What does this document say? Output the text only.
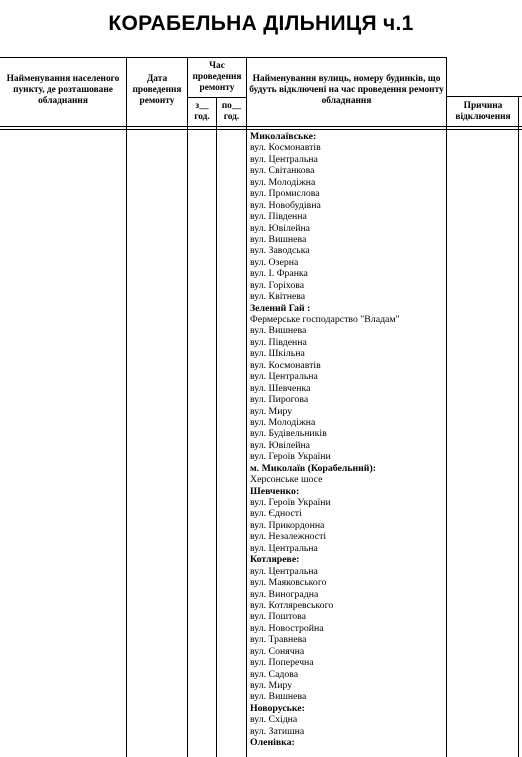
КОРАБЕЛЬНА ДІЛЬНИЦЯ ч.1
Найменування населеного пункту, де розташоване обладнання
Дата проведення ремонту
Час проведення ремонту
з__ год.
по__ год.
Найменування вулиць, номеру будинків, що будуть відключені на час проведення ремонту обладнання	Причина відключення
Миколаївське:
вул. Космонавтів
вул. Центральна
вул. Світанкова
вул. Молодіжна
вул. Промислова
вул. Новобудівна
вул. Південна
вул. Ювілейна
вул. Вишнева
вул. Заводська
вул. Озерна
вул. І. Франка
вул. Горіхова
вул. Квітнева
Зелений Гай :
Фермерське господарство "Владам"
вул. Вишнева
вул. Південна
вул. Шкільна
вул. Космонавтів
вул. Центральна
вул. Шевченка
вул. Пирогова
вул. Миру
вул. Молодіжна
вул. Будівельників
вул. Ювілейна
вул. Героїв України
м. Миколаїв (Корабельний):
Херсонське шосе
Шевченко:
вул. Героїв України
вул. Єдності
вул. Прикордонна
вул. Незалежності
вул. Центральна
Котляреве:
вул. Центральна
вул. Маяковського
вул. Виноградна
вул. Котляревського
вул. Поштова
вул. Новостройна
вул. Травнева
вул. Сонячна
вул. Поперечна
вул. Садова
вул. Миру
вул. Вишнева
Новоруське:
вул. Східна
вул. Затишна
Оленівка:
